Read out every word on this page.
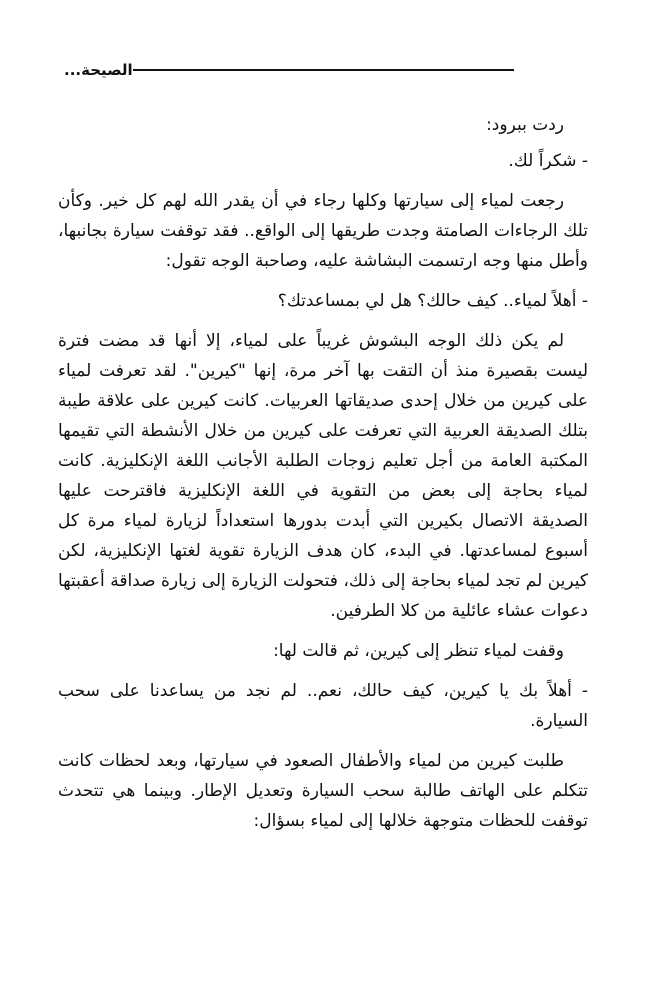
الصيحة...

ردت ببرود:

- شكراً لك.

رجعت لمياء إلى سيارتها وكلها رجاء في أن يقدر الله لهم كل خير. وكأن تلك الرجاءات الصامتة وجدت طريقها إلى الواقع.. فقد توقفت سيارة بجانبها، وأطل منها وجه ارتسمت البشاشة عليه، وصاحبة الوجه تقول:

- أهلاً لمياء.. كيف حالك؟ هل لي بمساعدتك؟

لم يكن ذلك الوجه البشوش غريباً على لمياء، إلا أنها قد مضت فترة ليست بقصيرة منذ أن التقت بها آخر مرة، إنها "كيرين". لقد تعرفت لمياء على كيرين من خلال إحدى صديقاتها العربيات. كانت كيرين على علاقة طيبة بتلك الصديقة العربية التي تعرفت على كيرين من خلال الأنشطة التي تقيمها المكتبة العامة من أجل تعليم زوجات الطلبة الأجانب اللغة الإنكليزية. كانت لمياء بحاجة إلى بعض من التقوية في اللغة الإنكليزية فاقترحت عليها الصديقة الاتصال بكيرين التي أبدت بدورها استعداداً لزيارة لمياء مرة كل أسبوع لمساعدتها. في البدء، كان هدف الزيارة تقوية لغتها الإنكليزية، لكن كيرين لم تجد لمياء بحاجة إلى ذلك، فتحولت الزيارة إلى زيارة صداقة أعقبتها دعوات عشاء عائلية من كلا الطرفين.

وقفت لمياء تنظر إلى كيرين، ثم قالت لها:

- أهلاً بك يا كيرين، كيف حالك، نعم.. لم نجد من يساعدنا على سحب السيارة.

طلبت كيرين من لمياء والأطفال الصعود في سيارتها، وبعد لحظات كانت تتكلم على الهاتف طالبة سحب السيارة وتعديل الإطار. وبينما هي تتحدث توقفت للحظات متوجهة خلالها إلى لمياء بسؤال:
